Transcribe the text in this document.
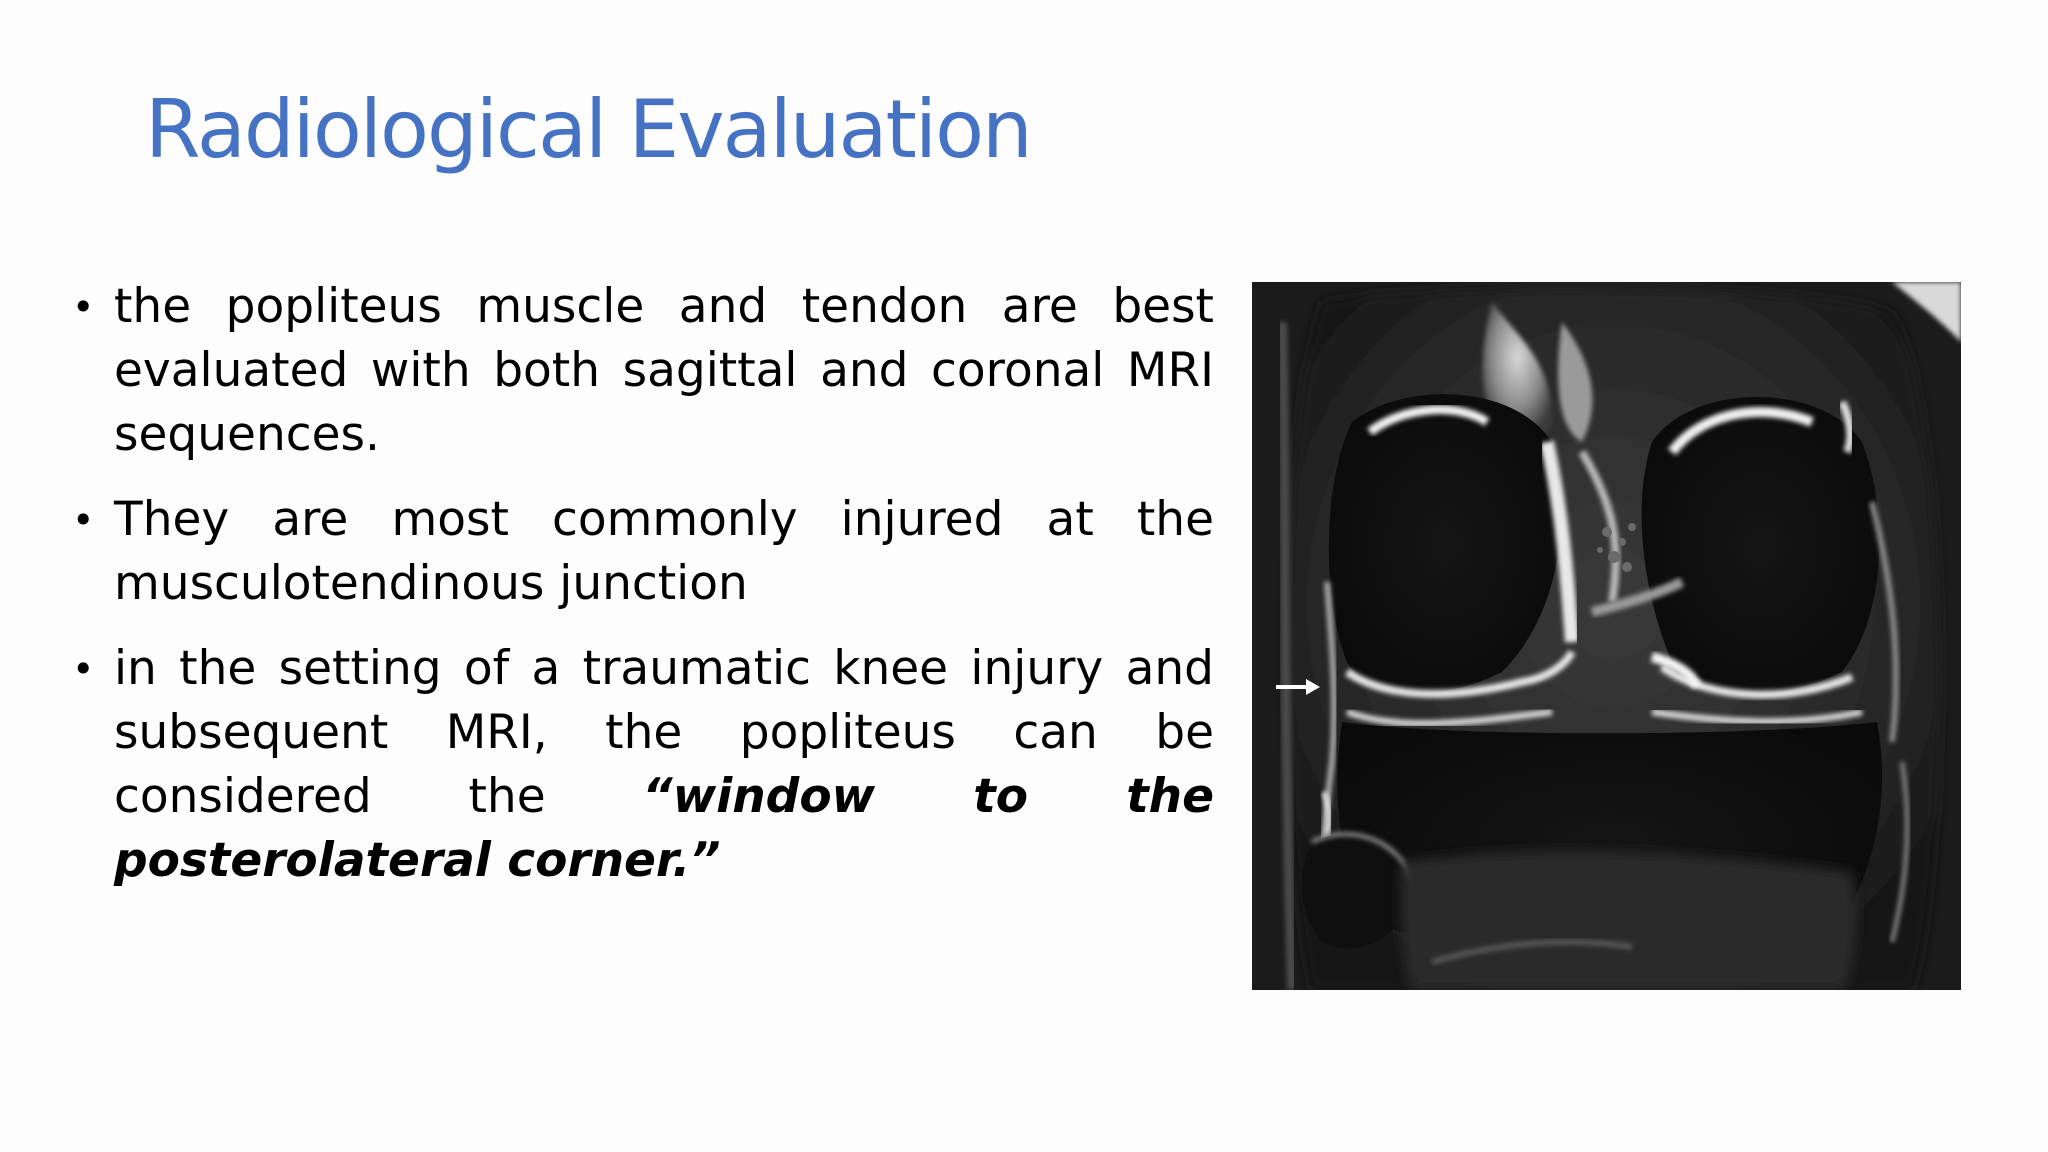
Radiological Evaluation
• the popliteus muscle and tendon are best evaluated with both sagittal and coronal MRI sequences.
• They are most commonly injured at the musculotendinous junction
• in the setting of a traumatic knee injury and subsequent MRI, the popliteus can be considered the “window to the posterolateral corner.”
